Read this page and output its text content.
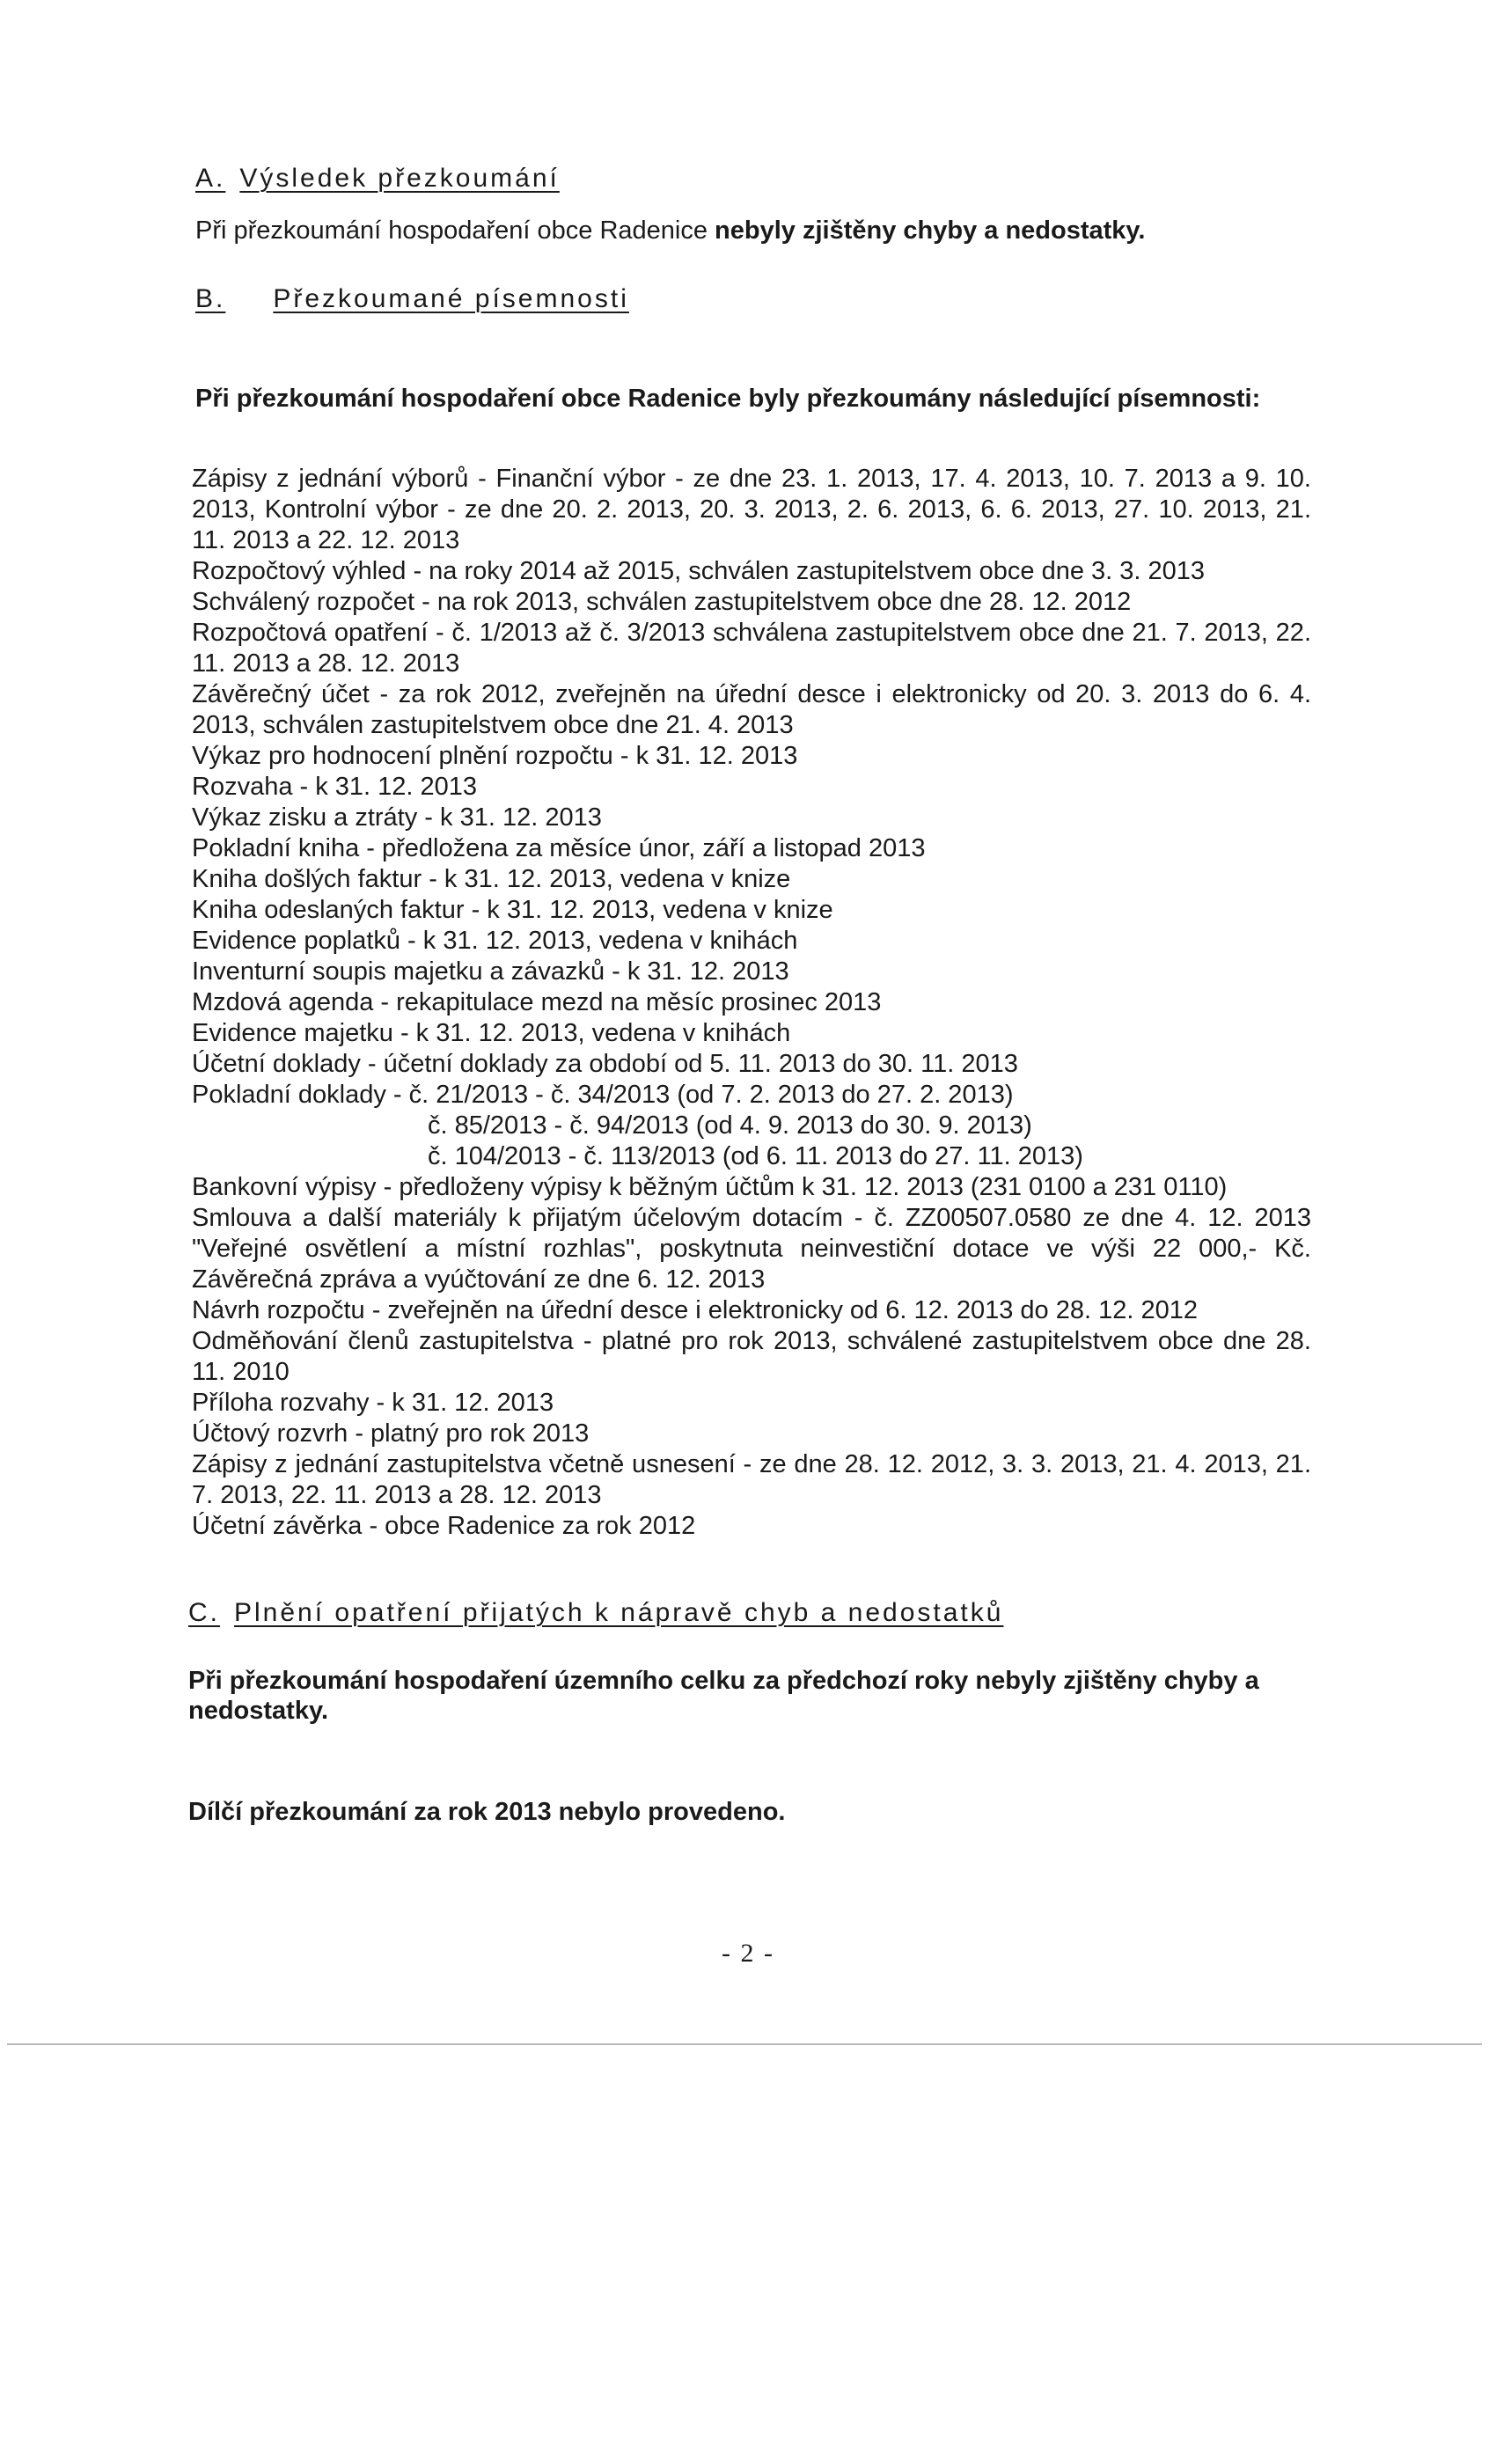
A. Výsledek přezkoumání
Při přezkoumání hospodaření obce Radenice nebyly zjištěny chyby a nedostatky.
B. Přezkoumané písemnosti
Při přezkoumání hospodaření obce Radenice byly přezkoumány následující písemnosti:
Zápisy z jednání výborů - Finanční výbor - ze dne 23. 1. 2013, 17. 4. 2013, 10. 7. 2013 a 9. 10. 2013, Kontrolní výbor - ze dne 20. 2. 2013, 20. 3. 2013, 2. 6. 2013, 6. 6. 2013, 27. 10. 2013, 21. 11. 2013 a 22. 12. 2013
Rozpočtový výhled - na roky 2014 až 2015, schválen zastupitelstvem obce dne 3. 3. 2013
Schválený rozpočet - na rok 2013, schválen zastupitelstvem obce dne 28. 12. 2012
Rozpočtová opatření - č. 1/2013 až č. 3/2013 schválena zastupitelstvem obce dne 21. 7. 2013, 22. 11. 2013 a 28. 12. 2013
Závěrečný účet - za rok 2012, zveřejněn na úřední desce i elektronicky od 20. 3. 2013 do 6. 4. 2013, schválen zastupitelstvem obce dne 21. 4. 2013
Výkaz pro hodnocení plnění rozpočtu - k 31. 12. 2013
Rozvaha - k 31. 12. 2013
Výkaz zisku a ztráty - k 31. 12. 2013
Pokladní kniha - předložena za měsíce únor, září a listopad 2013
Kniha došlých faktur - k 31. 12. 2013, vedena v knize
Kniha odeslaných faktur - k 31. 12. 2013, vedena v knize
Evidence poplatků - k 31. 12. 2013, vedena v knihách
Inventurní soupis majetku a závazků - k 31. 12. 2013
Mzdová agenda - rekapitulace mezd na měsíc prosinec 2013
Evidence majetku - k 31. 12. 2013, vedena v knihách
Účetní doklady - účetní doklady za období od 5. 11. 2013 do 30. 11. 2013
Pokladní doklady - č. 21/2013 - č. 34/2013 (od 7. 2. 2013 do 27. 2. 2013)
č. 85/2013 - č. 94/2013 (od 4. 9. 2013 do 30. 9. 2013)
č. 104/2013 - č. 113/2013 (od 6. 11. 2013 do 27. 11. 2013)
Bankovní výpisy - předloženy výpisy k běžným účtům k 31. 12. 2013 (231 0100 a 231 0110)
Smlouva a další materiály k přijatým účelovým dotacím - č. ZZ00507.0580 ze dne 4. 12. 2013 "Veřejné osvětlení a místní rozhlas", poskytnuta neinvestiční dotace ve výši 22 000,- Kč. Závěrečná zpráva a vyúčtování ze dne 6. 12. 2013
Návrh rozpočtu - zveřejněn na úřední desce i elektronicky od 6. 12. 2013 do 28. 12. 2012
Odměňování členů zastupitelstva - platné pro rok 2013, schválené zastupitelstvem obce dne 28. 11. 2010
Příloha rozvahy - k 31. 12. 2013
Účtový rozvrh - platný pro rok 2013
Zápisy z jednání zastupitelstva včetně usnesení - ze dne 28. 12. 2012, 3. 3. 2013, 21. 4. 2013, 21. 7. 2013, 22. 11. 2013 a 28. 12. 2013
Účetní závěrka - obce Radenice za rok 2012
C. Plnění opatření přijatých k nápravě chyb a nedostatků
Při přezkoumání hospodaření územního celku za předchozí roky nebyly zjištěny chyby a nedostatky.
Dílčí přezkoumání za rok 2013 nebylo provedeno.
- 2 -
